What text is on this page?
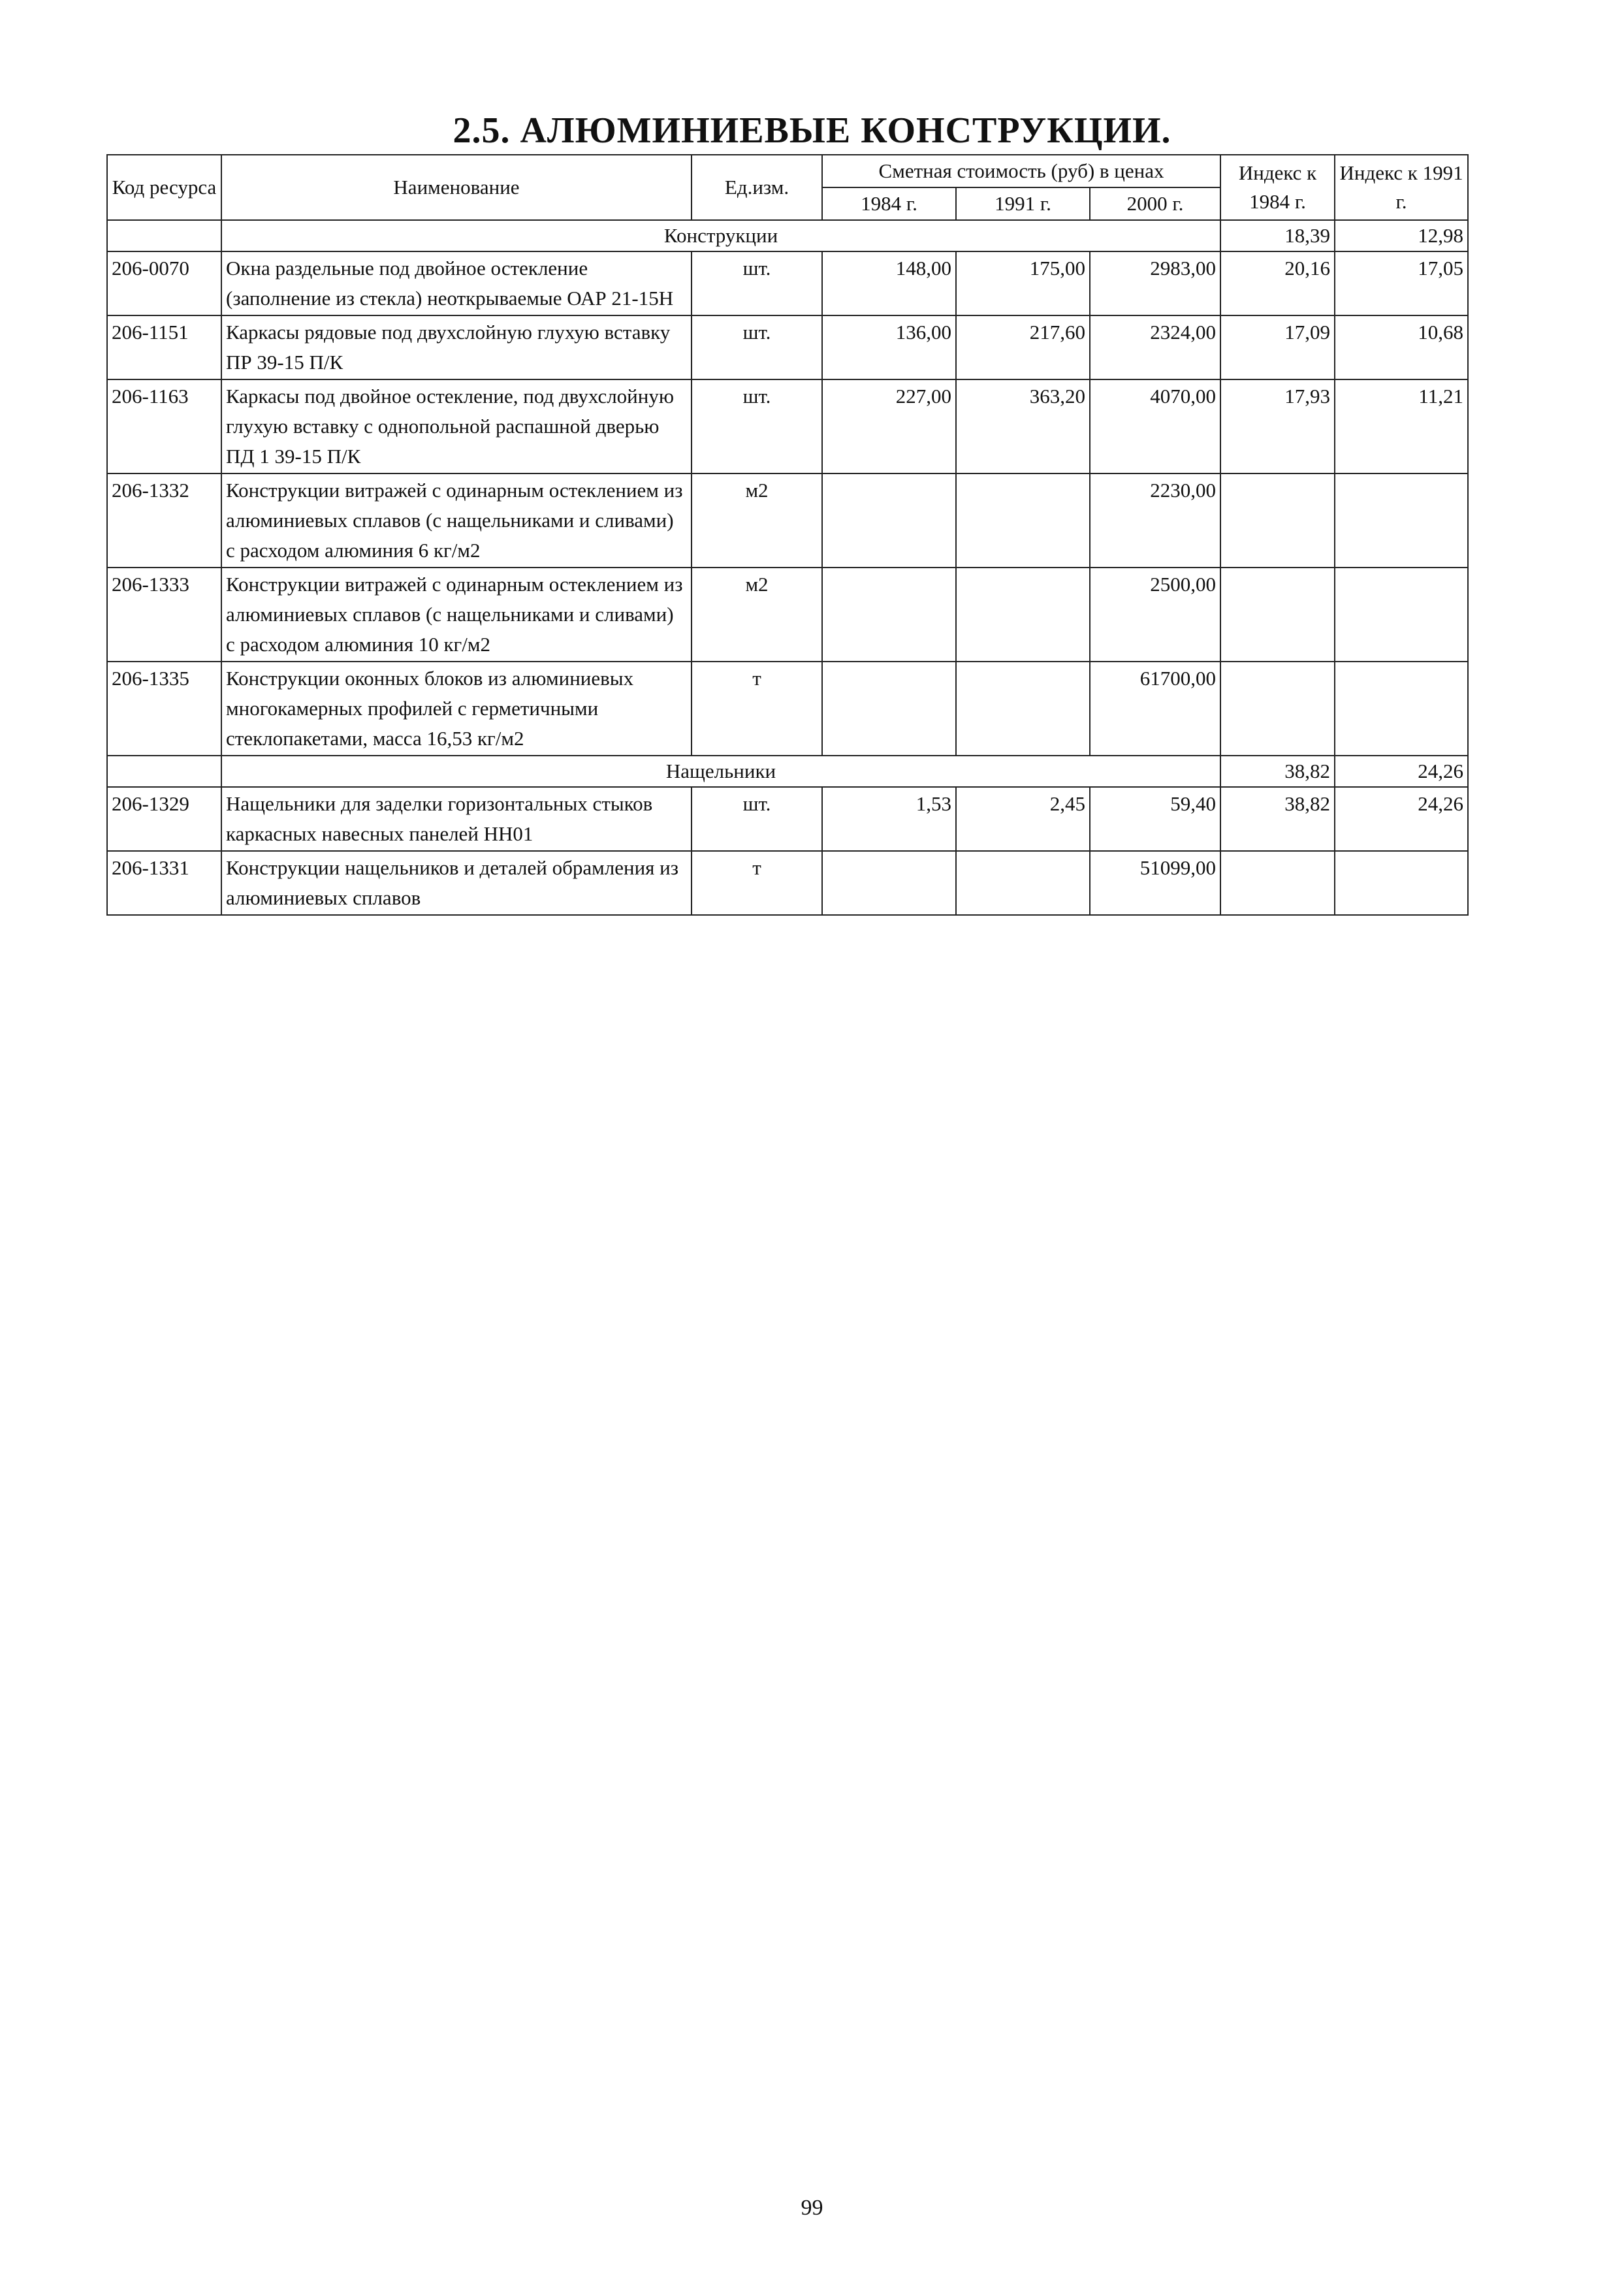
2.5. АЛЮМИНИЕВЫЕ КОНСТРУКЦИИ.
Код ресурса	Наименование	Ед.изм.	Сметная стоимость (руб) в ценах			Индекс к 1984 г.	Индекс к 1991 г.
			1984 г.	1991 г.	2000 г.		
	Конструкции					18,39	12,98
206-0070	Окна раздельные под двойное остекление (заполнение из стекла) неоткрываемые ОАР 21-15Н	шт.	148,00	175,00	2983,00	20,16	17,05
206-1151	Каркасы рядовые под двухслойную глухую вставку ПР 39-15 П/К	шт.	136,00	217,60	2324,00	17,09	10,68
206-1163	Каркасы под двойное остекление, под двухслойную глухую вставку с однопольной распашной дверью ПД 1 39-15 П/К	шт.	227,00	363,20	4070,00	17,93	11,21
206-1332	Конструкции витражей с одинарным остеклением из алюминиевых сплавов (с нащельниками и сливами) с расходом алюминия 6 кг/м2	м2			2230,00		
206-1333	Конструкции витражей с одинарным остеклением из алюминиевых сплавов (с нащельниками и сливами) с расходом алюминия 10 кг/м2	м2			2500,00		
206-1335	Конструкции оконных блоков из алюминиевых многокамерных профилей с герметичными стеклопакетами, масса 16,53 кг/м2	т			61700,00		
	Нащельники					38,82	24,26
206-1329	Нащельники для заделки горизонтальных стыков каркасных навесных панелей НН01	шт.	1,53	2,45	59,40	38,82	24,26
206-1331	Конструкции нащельников и деталей обрамления из алюминиевых сплавов	т			51099,00		
99
